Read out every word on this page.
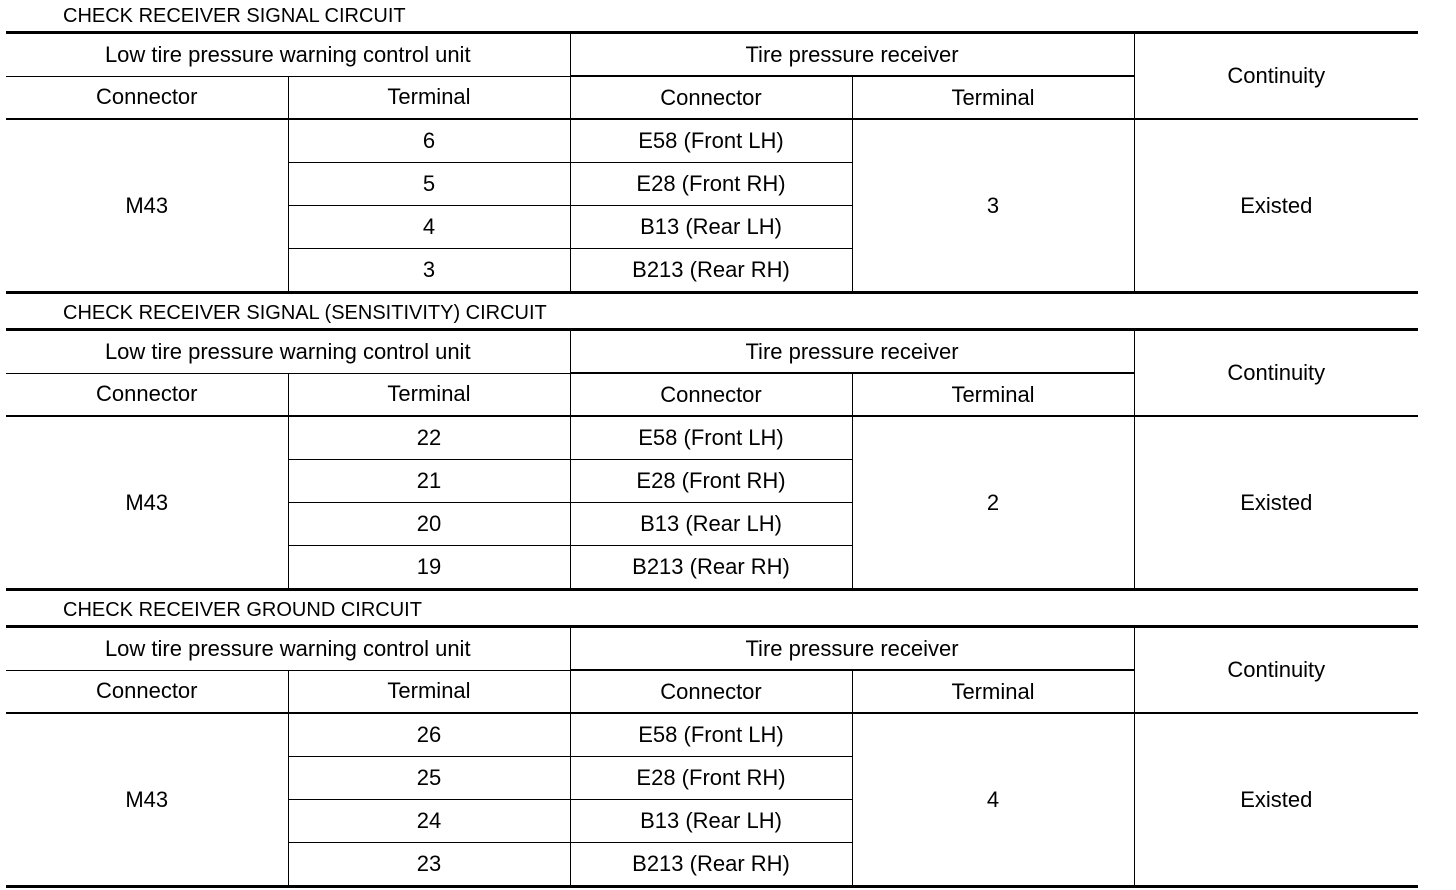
CHECK RECEIVER SIGNAL CIRCUIT
Low tire pressure warning control unit		Tire pressure receiver		Continuity
Connector	Terminal	Connector	Terminal	
M43	6	E58 (Front LH)	3	Existed
	5	E28 (Front RH)		
	4	B13 (Rear LH)		
	3	B213 (Rear RH)		
CHECK RECEIVER SIGNAL (SENSITIVITY) CIRCUIT
Low tire pressure warning control unit		Tire pressure receiver		Continuity
Connector	Terminal	Connector	Terminal	
M43	22	E58 (Front LH)	2	Existed
	21	E28 (Front RH)		
	20	B13 (Rear LH)		
	19	B213 (Rear RH)		
CHECK RECEIVER GROUND CIRCUIT
Low tire pressure warning control unit		Tire pressure receiver		Continuity
Connector	Terminal	Connector	Terminal	
M43	26	E58 (Front LH)	4	Existed
	25	E28 (Front RH)		
	24	B13 (Rear LH)		
	23	B213 (Rear RH)		
